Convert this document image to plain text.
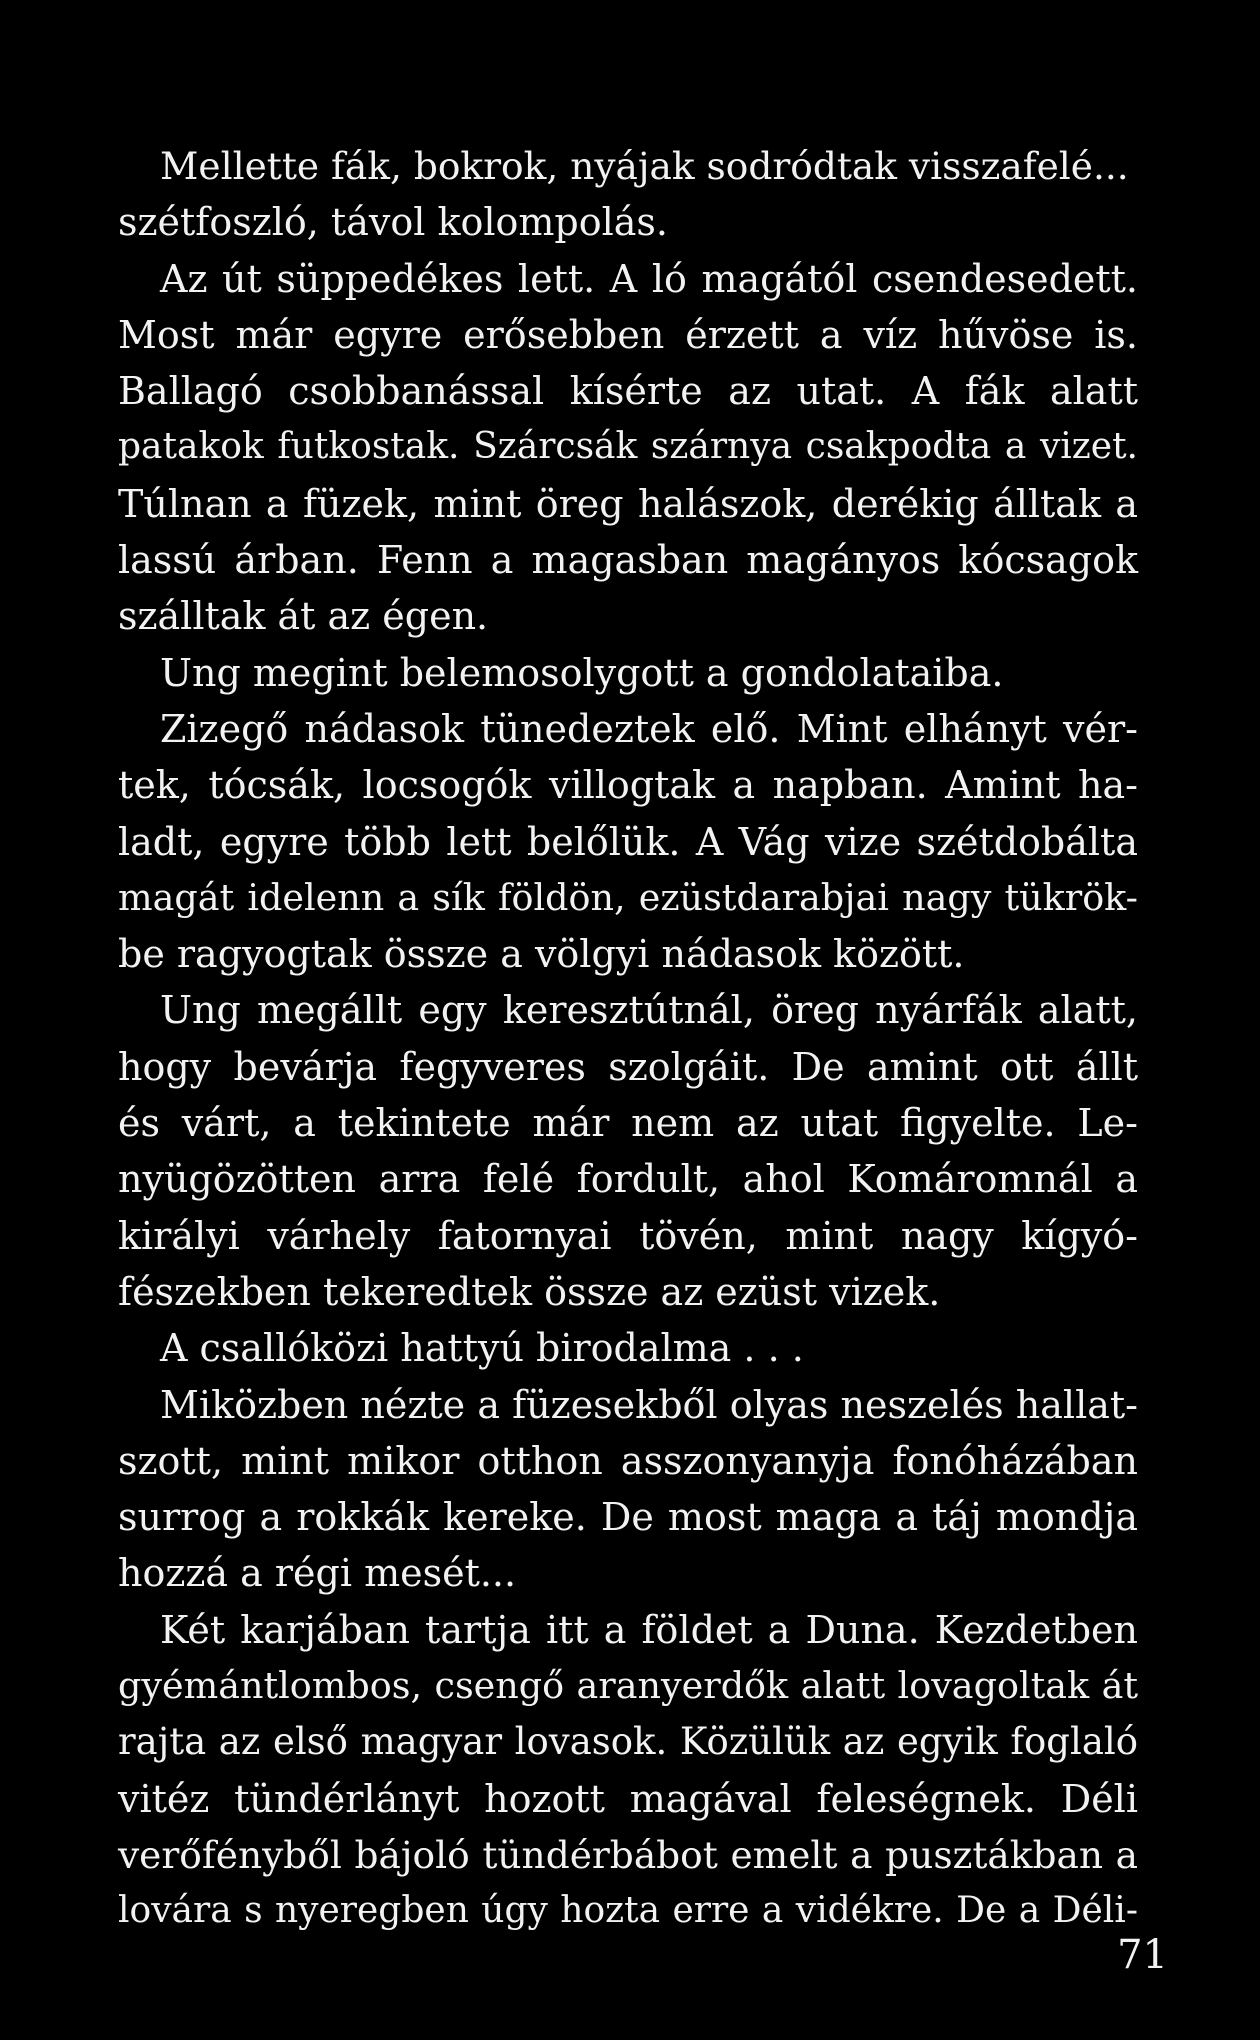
Mellette fák, bokrok, nyájak sodródtak visszafelé...
szétfoszló, távol kolompolás.
Az út süppedékes lett. A ló magától csendesedett.
Most már egyre erősebben érzett a víz hűvöse is.
Ballagó csobbanással kísérte az utat. A fák alatt
patakok futkostak. Szárcsák szárnya csakpodta a vizet.
Túlnan a füzek, mint öreg halászok, derékig álltak a
lassú árban. Fenn a magasban magányos kócsagok
szálltak át az égen.
Ung megint belemosolygott a gondolataiba.
Zizegő nádasok tünedeztek elő. Mint elhányt vér-
tek, tócsák, locsogók villogtak a napban. Amint ha-
ladt, egyre több lett belőlük. A Vág vize szétdobálta
magát idelenn a sík földön, ezüstdarabjai nagy tükrök-
be ragyogtak össze a völgyi nádasok között.
Ung megállt egy keresztútnál, öreg nyárfák alatt,
hogy bevárja fegyveres szolgáit. De amint ott állt
és várt, a tekintete már nem az utat figyelte. Le-
nyügözötten arra felé fordult, ahol Komáromnál a
királyi várhely fatornyai tövén, mint nagy kígyó-
fészekben tekeredtek össze az ezüst vizek.
A csallóközi hattyú birodalma . . .
Miközben nézte a füzesekből olyas neszelés hallat-
szott, mint mikor otthon asszonyanyja fonóházában
surrog a rokkák kereke. De most maga a táj mondja
hozzá a régi mesét...
Két karjában tartja itt a földet a Duna. Kezdetben
gyémántlombos, csengő aranyerdők alatt lovagoltak át
rajta az első magyar lovasok. Közülük az egyik foglaló
vitéz tündérlányt hozott magával feleségnek. Déli
verőfényből bájoló tündérbábot emelt a pusztákban a
lovára s nyeregben úgy hozta erre a vidékre. De a Déli-
71
